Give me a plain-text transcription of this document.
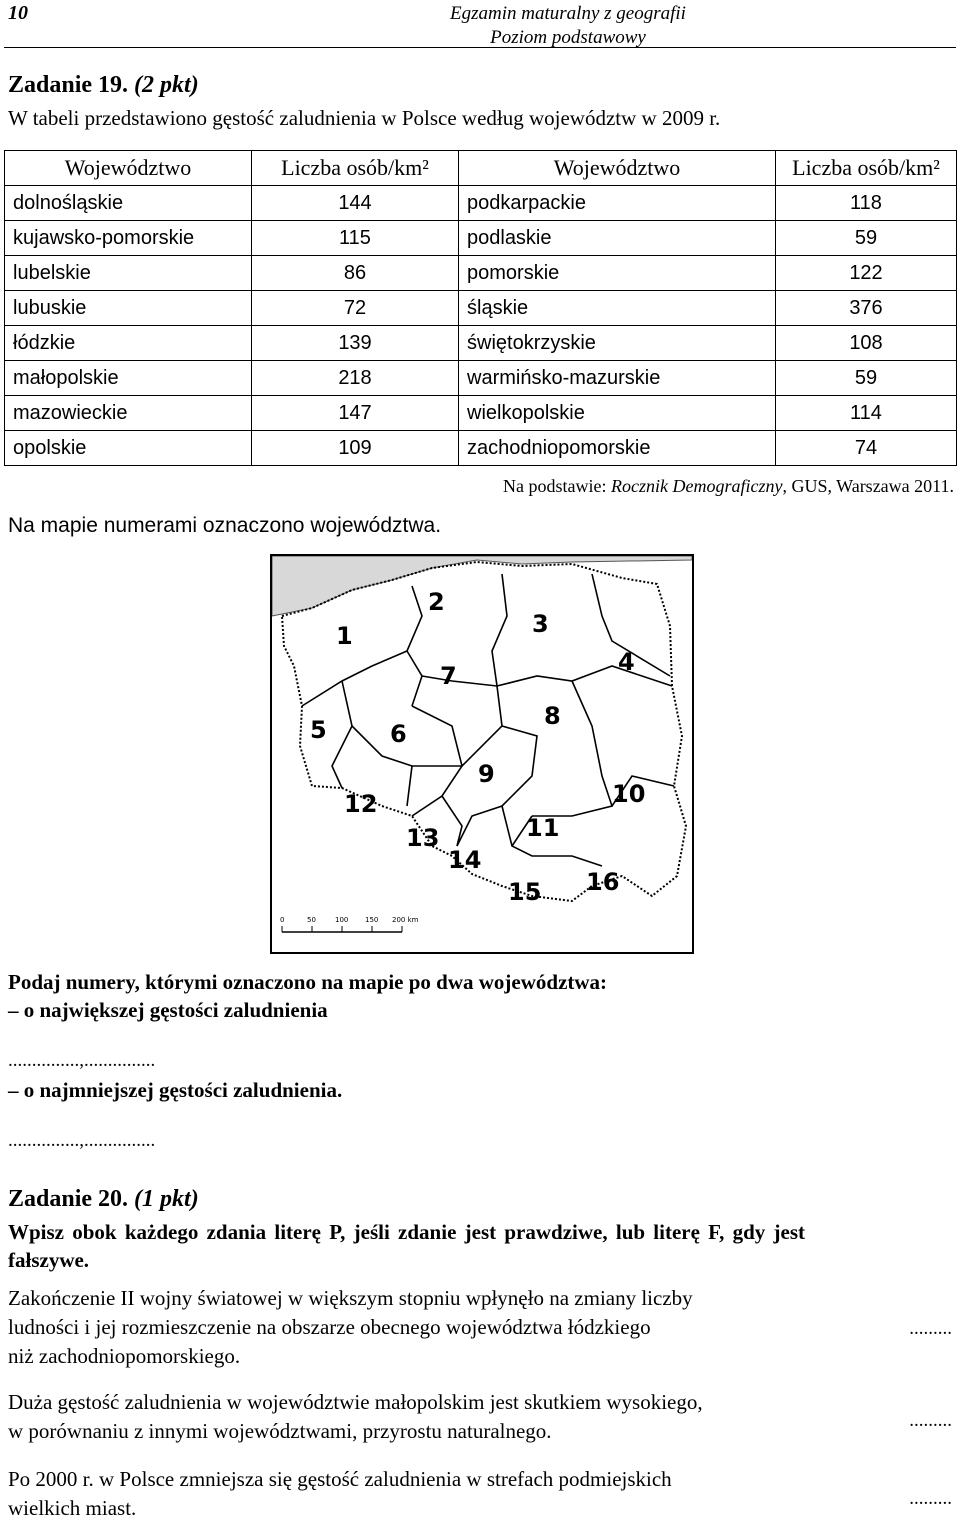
10	Egzamin maturalny z geografii
Poziom podstawowy
Zadanie 19. (2 pkt)
W tabeli przedstawiono gęstość zaludnienia w Polsce według województw w 2009 r.
Województwo	Liczba osób/km²	Województwo	Liczba osób/km²
dolnośląskie	144	podkarpackie	118
kujawsko-pomorskie	115	podlaskie	59
lubelskie	86	pomorskie	122
lubuskie	72	śląskie	376
łódzkie	139	świętokrzyskie	108
małopolskie	218	warmińsko-mazurskie	59
mazowieckie	147	wielkopolskie	114
opolskie	109	zachodniopomorskie	74
Na podstawie: Rocznik Demograficzny, GUS, Warszawa 2011.
Na mapie numerami oznaczono województwa.
1
2
3
4
5	6
7
8
9
10
11
12
13
14
15 16
0	50	100 150 200 km
Podaj numery, którymi oznaczono na mapie po dwa województwa:
– o największej gęstości zaludnienia
...............,...............
– o najmniejszej gęstości zaludnienia.
...............,...............
Zadanie 20. (1 pkt)
Wpisz obok każdego zdania literę P, jeśli zdanie jest prawdziwe, lub literę F, gdy jest
fałszywe.
Zakończenie II wojny światowej w większym stopniu wpłynęło na zmiany liczby
ludności i jej rozmieszczenie na obszarze obecnego województwa łódzkiego
niż zachodniopomorskiego.
.........
Duża gęstość zaludnienia w województwie małopolskim jest skutkiem wysokiego,
w porównaniu z innymi województwami, przyrostu naturalnego.	.........
Po 2000 r. w Polsce zmniejsza się gęstość zaludnienia w strefach podmiejskich
wielkich miast.	.........
